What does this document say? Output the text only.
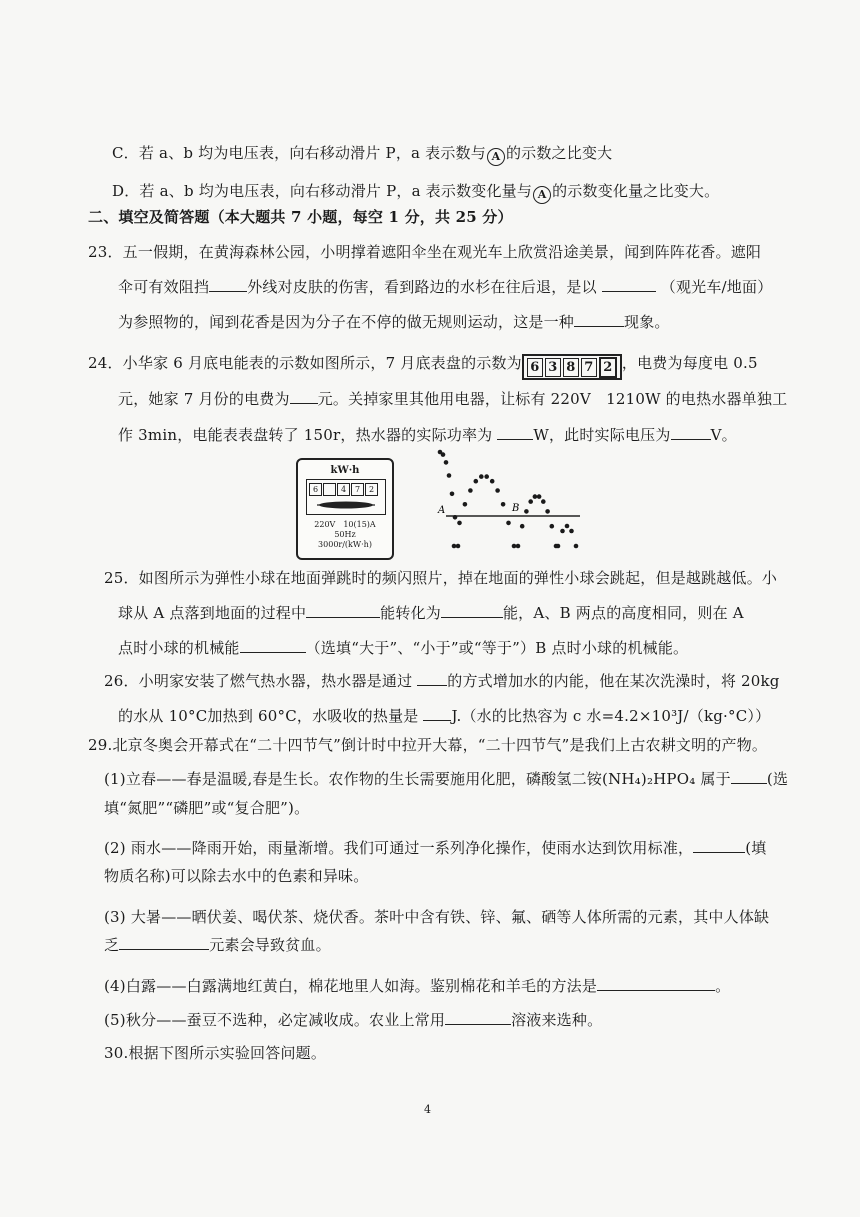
C．若 a、b 均为电压表，向右移动滑片 P，a 表示数与 A 的示数之比变大
D．若 a、b 均为电压表，向右移动滑片 P，a 表示数变化量与 A 的示数变化量之比变大。
二、填空及简答题（本大题共 7 小题，每空 1 分，共 25 分）
23．五一假期，在黄海森林公园，小明撑着遮阳伞坐在观光车上欣赏沿途美景，闻到阵阵花香。遮阳
伞可有效阻挡	外线对皮肤的伤害，看到路边的水杉在往后退，是以	（观光车/地面）
为参照物的，闻到花香是因为分子在不停的做无规则运动，这是一种	现象。
24．小华家 6 月底电能表的示数如图所示，7 月底表盘的示数为 6 3 8 7 2 ，电费为每度电 0.5
元，她家 7 月份的电费为 元。关掉家里其他用电器，让标有 220V　1210W 的电热水器单独工
作 3min，电能表表盘转了 150r，热水器的实际功率为	W，此时实际电压为	V。
kW·h
6	4	7	2
220V　10(15)A
50Hz
3000r/(kW·h)
A	B
25．如图所示为弹性小球在地面弹跳时的频闪照片，掉在地面的弹性小球会跳起，但是越跳越低。小
球从 A 点落到地面的过程中	能转化为	能，A、B 两点的高度相同，则在 A
点时小球的机械能	（选填“大于”、“小于”或“等于”）B 点时小球的机械能。
26．小明家安装了燃气热水器，热水器是通过 的方式增加水的内能，他在某次洗澡时，将 20kg
的水从 10°C加热到 60°C，水吸收的热量是 J.（水的比热容为 c 水=4.2×10³J/（kg·°C））
29.北京冬奥会开幕式在“二十四节气”倒计时中拉开大幕，“二十四节气”是我们上古农耕文明的产物。
(1)立春——春是温暖,春是生长。农作物的生长需要施用化肥，磷酸氢二铵(NH₄)₂HPO₄ 属于 (选
填“氮肥”“磷肥”或“复合肥”)。
(2) 雨水——降雨开始，雨量渐增。我们可通过一系列净化操作，使雨水达到饮用标准，	(填
物质名称)可以除去水中的色素和异味。
(3) 大暑——晒伏姜、喝伏茶、烧伏香。茶叶中含有铁、锌、氟、硒等人体所需的元素，其中人体缺
乏	元素会导致贫血。
(4)白露——白露满地红黄白，棉花地里人如海。鉴别棉花和羊毛的方法是	。
(5)秋分——蚕豆不选种，必定减收成。农业上常用	溶液来选种。
30.根据下图所示实验回答问题。
4
